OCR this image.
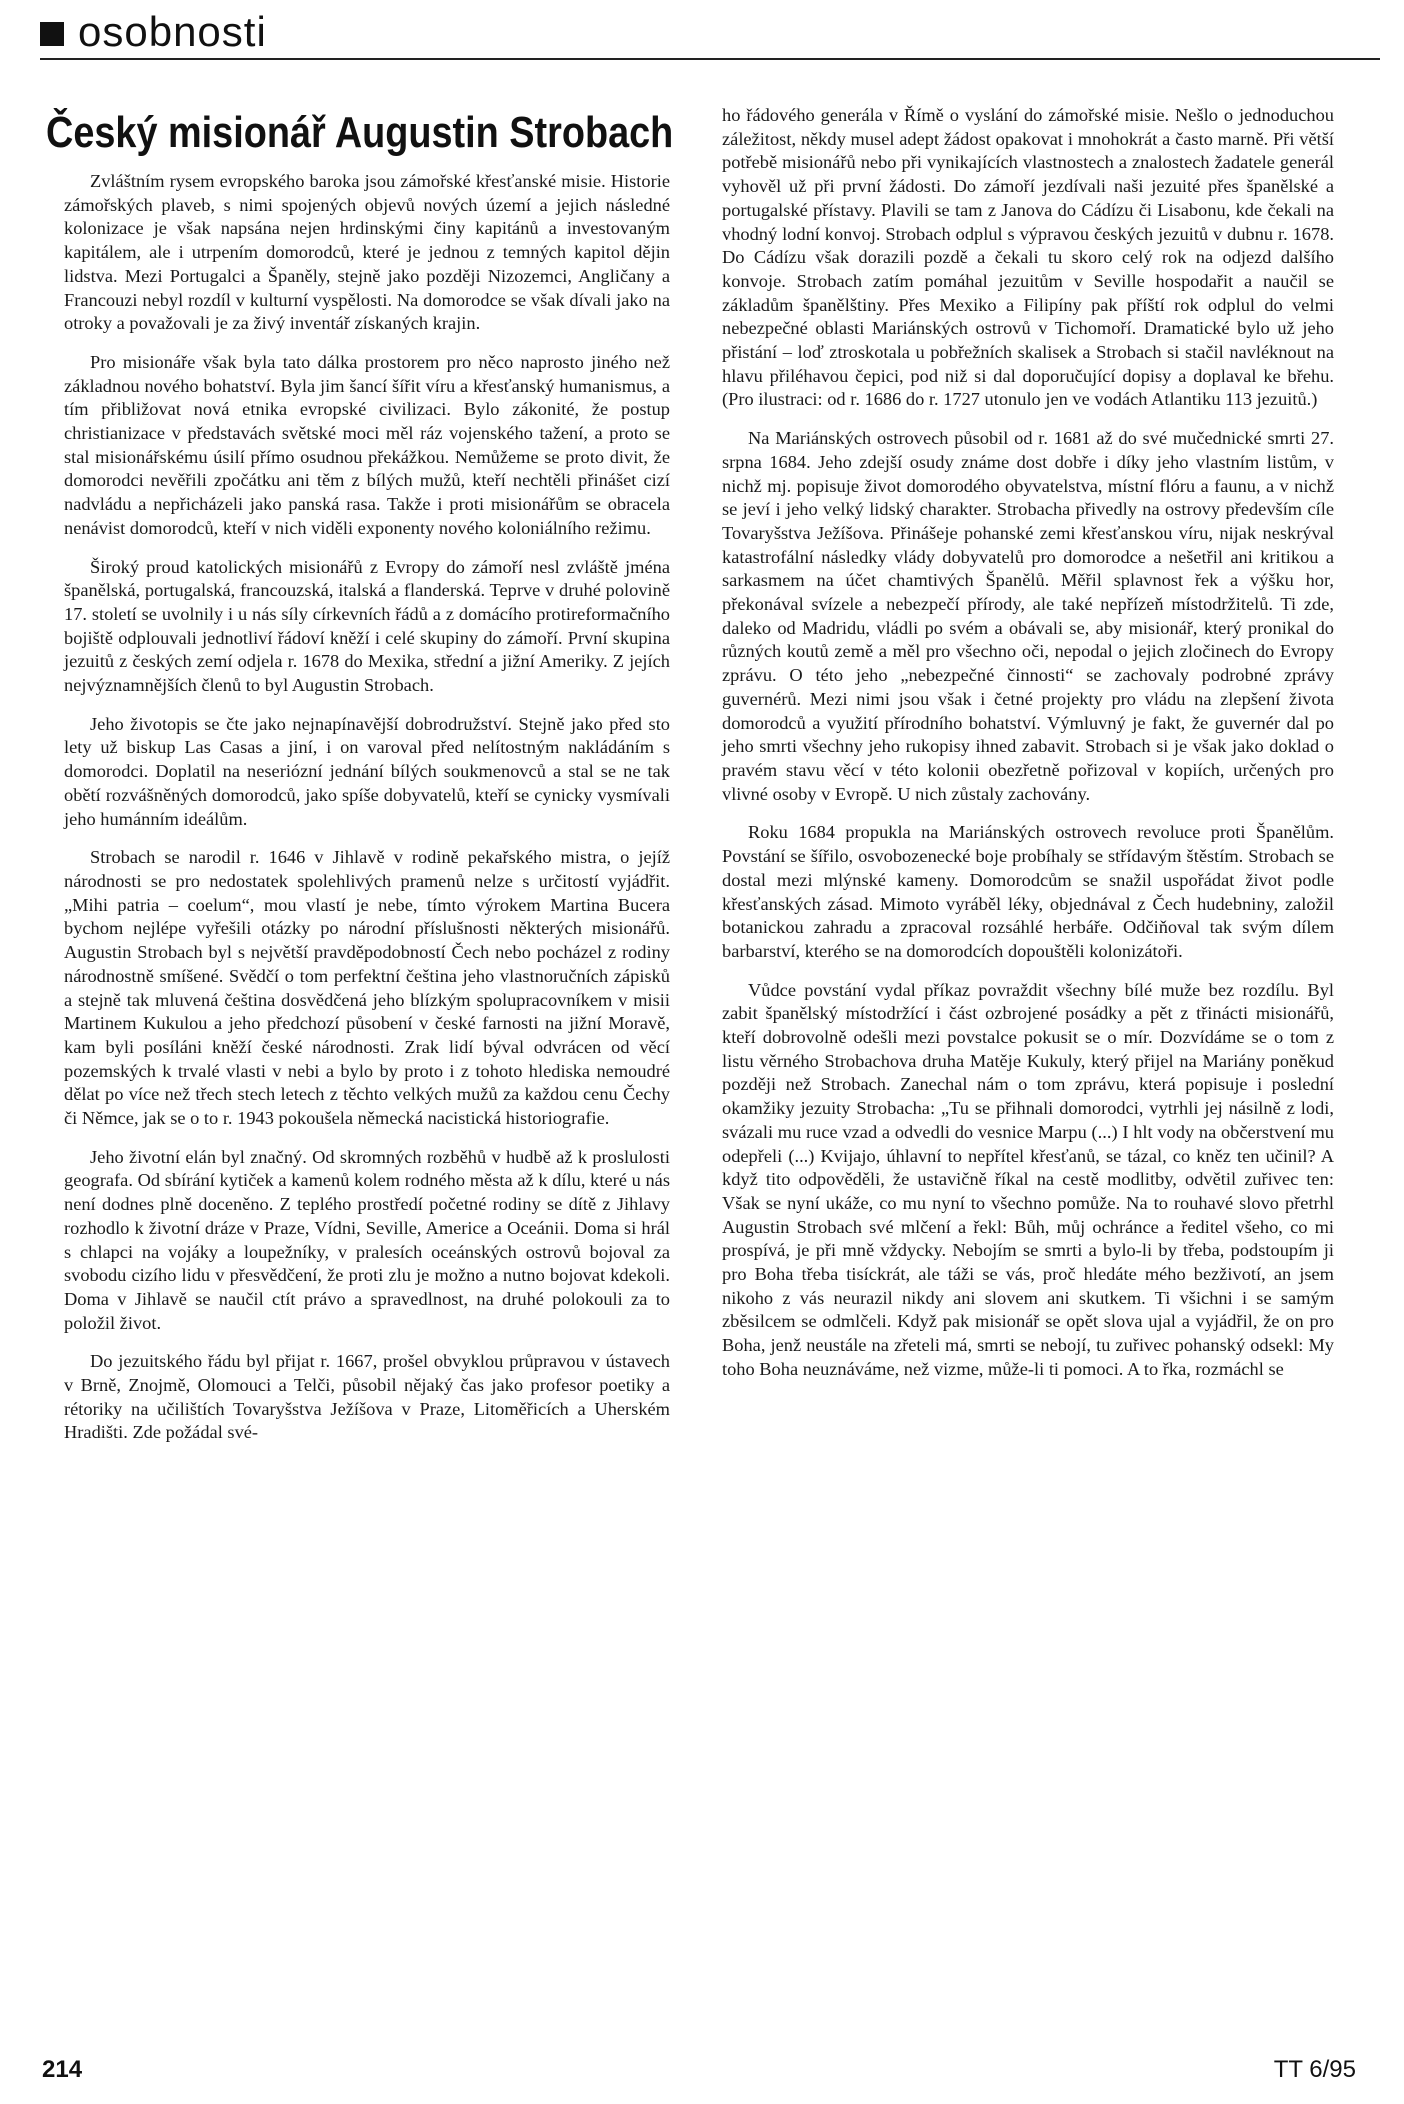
osobnosti
Český misionář Augustin Strobach

Zvláštním rysem evropského baroka jsou zámořské křesťanské misie. Historie zámořských plaveb, s nimi spojených objevů nových území a jejich následné kolonizace je však napsána nejen hrdinskými činy kapitánů a investovaným kapitálem, ale i utrpením domorodců, které je jednou z temných kapitol dějin lidstva. Mezi Portugalci a Španěly, stejně jako později Nizozemci, Angličany a Francouzi nebyl rozdíl v kulturní vyspělosti. Na domorodce se však dívali jako na otroky a považovali je za živý inventář získaných krajin.

Pro misionáře však byla tato dálka prostorem pro něco naprosto jiného než základnou nového bohatství. Byla jim šancí šířit víru a křesťanský humanismus, a tím přibližovat nová etnika evropské civilizaci. Bylo zákonité, že postup christianizace v představách světské moci měl ráz vojenského tažení, a proto se stal misionářskému úsilí přímo osudnou překážkou. Nemůžeme se proto divit, že domorodci nevěřili zpočátku ani těm z bílých mužů, kteří nechtěli přinášet cizí nadvládu a nepřicházeli jako panská rasa. Takže i proti misionářům se obracela nenávist domorodců, kteří v nich viděli exponenty nového koloniálního režimu.

Široký proud katolických misionářů z Evropy do zámoří nesl zvláště jména španělská, portugalská, francouzská, italská a flanderská. Teprve v druhé polovině 17. století se uvolnily i u nás síly církevních řádů a z domácího protireformačního bojiště odplouvali jednotliví řádoví kněží i celé skupiny do zámoří. První skupina jezuitů z českých zemí odjela r. 1678 do Mexika, střední a jižní Ameriky. Z jejích nejvýznamnějších členů to byl Augustin Strobach.

Jeho životopis se čte jako nejnapínavější dobrodružství. Stejně jako před sto lety už biskup Las Casas a jiní, i on varoval před nelítostným nakládáním s domorodci. Doplatil na neseriózní jednání bílých soukmenovců a stal se ne tak obětí rozvášněných domorodců, jako spíše dobyvatelů, kteří se cynicky vysmívali jeho humánním ideálům.

Strobach se narodil r. 1646 v Jihlavě v rodině pekařského mistra, o jejíž národnosti se pro nedostatek spolehlivých pramenů nelze s určitostí vyjádřit. „Mihi patria – coelum“, mou vlastí je nebe, tímto výrokem Martina Bucera bychom nejlépe vyřešili otázky po národní příslušnosti některých misionářů. Augustin Strobach byl s největší pravděpodobností Čech nebo pocházel z rodiny národnostně smíšené. Svědčí o tom perfektní čeština jeho vlastnoručních zápisků a stejně tak mluvená čeština dosvědčená jeho blízkým spolupracovníkem v misii Martinem Kukulou a jeho předchozí působení v české farnosti na jižní Moravě, kam byli posíláni kněží české národnosti. Zrak lidí býval odvrácen od věcí pozemských k trvalé vlasti v nebi a bylo by proto i z tohoto hlediska nemoudré dělat po více než třech stech letech z těchto velkých mužů za každou cenu Čechy či Němce, jak se o to r. 1943 pokoušela německá nacistická historiografie.

Jeho životní elán byl značný. Od skromných rozběhů v hudbě až k proslulosti geografa. Od sbírání kytiček a kamenů kolem rodného města až k dílu, které u nás není dodnes plně doceněno. Z teplého prostředí početné rodiny se dítě z Jihlavy rozhodlo k životní dráze v Praze, Vídni, Seville, Americe a Oceánii. Doma si hrál s chlapci na vojáky a loupežníky, v pralesích oceánských ostrovů bojoval za svobodu cizího lidu v přesvědčení, že proti zlu je možno a nutno bojovat kdekoli. Doma v Jihlavě se naučil ctít právo a spravedlnost, na druhé polokouli za to položil život.

Do jezuitského řádu byl přijat r. 1667, prošel obvyklou průpravou v ústavech v Brně, Znojmě, Olomouci a Telči, působil nějaký čas jako profesor poetiky a rétoriky na učilištích Tovaryšstva Ježíšova v Praze, Litoměřicích a Uherském Hradišti. Zde požádal své-

ho řádového generála v Římě o vyslání do zámořské misie. Nešlo o jednoduchou záležitost, někdy musel adept žádost opakovat i mnohokrát a často marně. Při větší potřebě misionářů nebo při vynikajících vlastnostech a znalostech žadatele generál vyhověl už při první žádosti. Do zámoří jezdívali naši jezuité přes španělské a portugalské přístavy. Plavili se tam z Janova do Cádízu či Lisabonu, kde čekali na vhodný lodní konvoj. Strobach odplul s výpravou českých jezuitů v dubnu r. 1678. Do Cádízu však dorazili pozdě a čekali tu skoro celý rok na odjezd dalšího konvoje. Strobach zatím pomáhal jezuitům v Seville hospodařit a naučil se základům španělštiny. Přes Mexiko a Filipíny pak příští rok odplul do velmi nebezpečné oblasti Mariánských ostrovů v Tichomoří. Dramatické bylo už jeho přistání – loď ztroskotala u pobřežních skalisek a Strobach si stačil navléknout na hlavu přiléhavou čepici, pod niž si dal doporučující dopisy a doplaval ke břehu. (Pro ilustraci: od r. 1686 do r. 1727 utonulo jen ve vodách Atlantiku 113 jezuitů.)

Na Mariánských ostrovech působil od r. 1681 až do své mučednické smrti 27. srpna 1684. Jeho zdejší osudy známe dost dobře i díky jeho vlastním listům, v nichž mj. popisuje život domorodého obyvatelstva, místní flóru a faunu, a v nichž se jeví i jeho velký lidský charakter. Strobacha přivedly na ostrovy především cíle Tovaryšstva Ježíšova. Přinášeje pohanské zemi křesťanskou víru, nijak neskrýval katastrofální následky vlády dobyvatelů pro domorodce a nešetřil ani kritikou a sarkasmem na účet chamtivých Španělů. Měřil splavnost řek a výšku hor, překonával svízele a nebezpečí přírody, ale také nepřízeň místodržitelů. Ti zde, daleko od Madridu, vládli po svém a obávali se, aby misionář, který pronikal do různých koutů země a měl pro všechno oči, nepodal o jejich zločinech do Evropy zprávu. O této jeho „nebezpečné činnosti“ se zachovaly podrobné zprávy guvernérů. Mezi nimi jsou však i četné projekty pro vládu na zlepšení života domorodců a využití přírodního bohatství. Výmluvný je fakt, že guvernér dal po jeho smrti všechny jeho rukopisy ihned zabavit. Strobach si je však jako doklad o pravém stavu věcí v této kolonii obezřetně pořizoval v kopiích, určených pro vlivné osoby v Evropě. U nich zůstaly zachovány.

Roku 1684 propukla na Mariánských ostrovech revoluce proti Španělům. Povstání se šířilo, osvobozenecké boje probíhaly se střídavým štěstím. Strobach se dostal mezi mlýnské kameny. Domorodcům se snažil uspořádat život podle křesťanských zásad. Mimoto vyráběl léky, objednával z Čech hudebniny, založil botanickou zahradu a zpracoval rozsáhlé herbáře. Odčiňoval tak svým dílem barbarství, kterého se na domorodcích dopouštěli kolonizátoři.

Vůdce povstání vydal příkaz povraždit všechny bílé muže bez rozdílu. Byl zabit španělský místodržící i část ozbrojené posádky a pět z třinácti misionářů, kteří dobrovolně odešli mezi povstalce pokusit se o mír. Dozvídáme se o tom z listu věrného Strobachova druha Matěje Kukuly, který přijel na Mariány poněkud později než Strobach. Zanechal nám o tom zprávu, která popisuje i poslední okamžiky jezuity Strobacha: „Tu se přihnali domorodci, vytrhli jej násilně z lodi, svázali mu ruce vzad a odvedli do vesnice Marpu (...) I hlt vody na občerstvení mu odepřeli (...) Kvijajo, úhlavní to nepřítel křesťanů, se tázal, co kněz ten učinil? A když tito odpověděli, že ustavičně říkal na cestě modlitby, odvětil zuřivec ten: Však se nyní ukáže, co mu nyní to všechno pomůže. Na to rouhavé slovo přetrhl Augustin Strobach své mlčení a řekl: Bůh, můj ochránce a ředitel všeho, co mi prospívá, je při mně vždycky. Nebojím se smrti a bylo-li by třeba, podstoupím ji pro Boha třeba tisíckrát, ale táži se vás, proč hledáte mého bezživotí, an jsem nikoho z vás neurazil nikdy ani slovem ani skutkem. Ti všichni i se samým zběsilcem se odmlčeli. Když pak misionář se opět slova ujal a vyjádřil, že on pro Boha, jenž neustále na zřeteli má, smrti se nebojí, tu zuřivec pohanský odsekl: My toho Boha neuznáváme, než vizme, může-li ti pomoci. A to řka, rozmáchl se

214	TT 6/95
